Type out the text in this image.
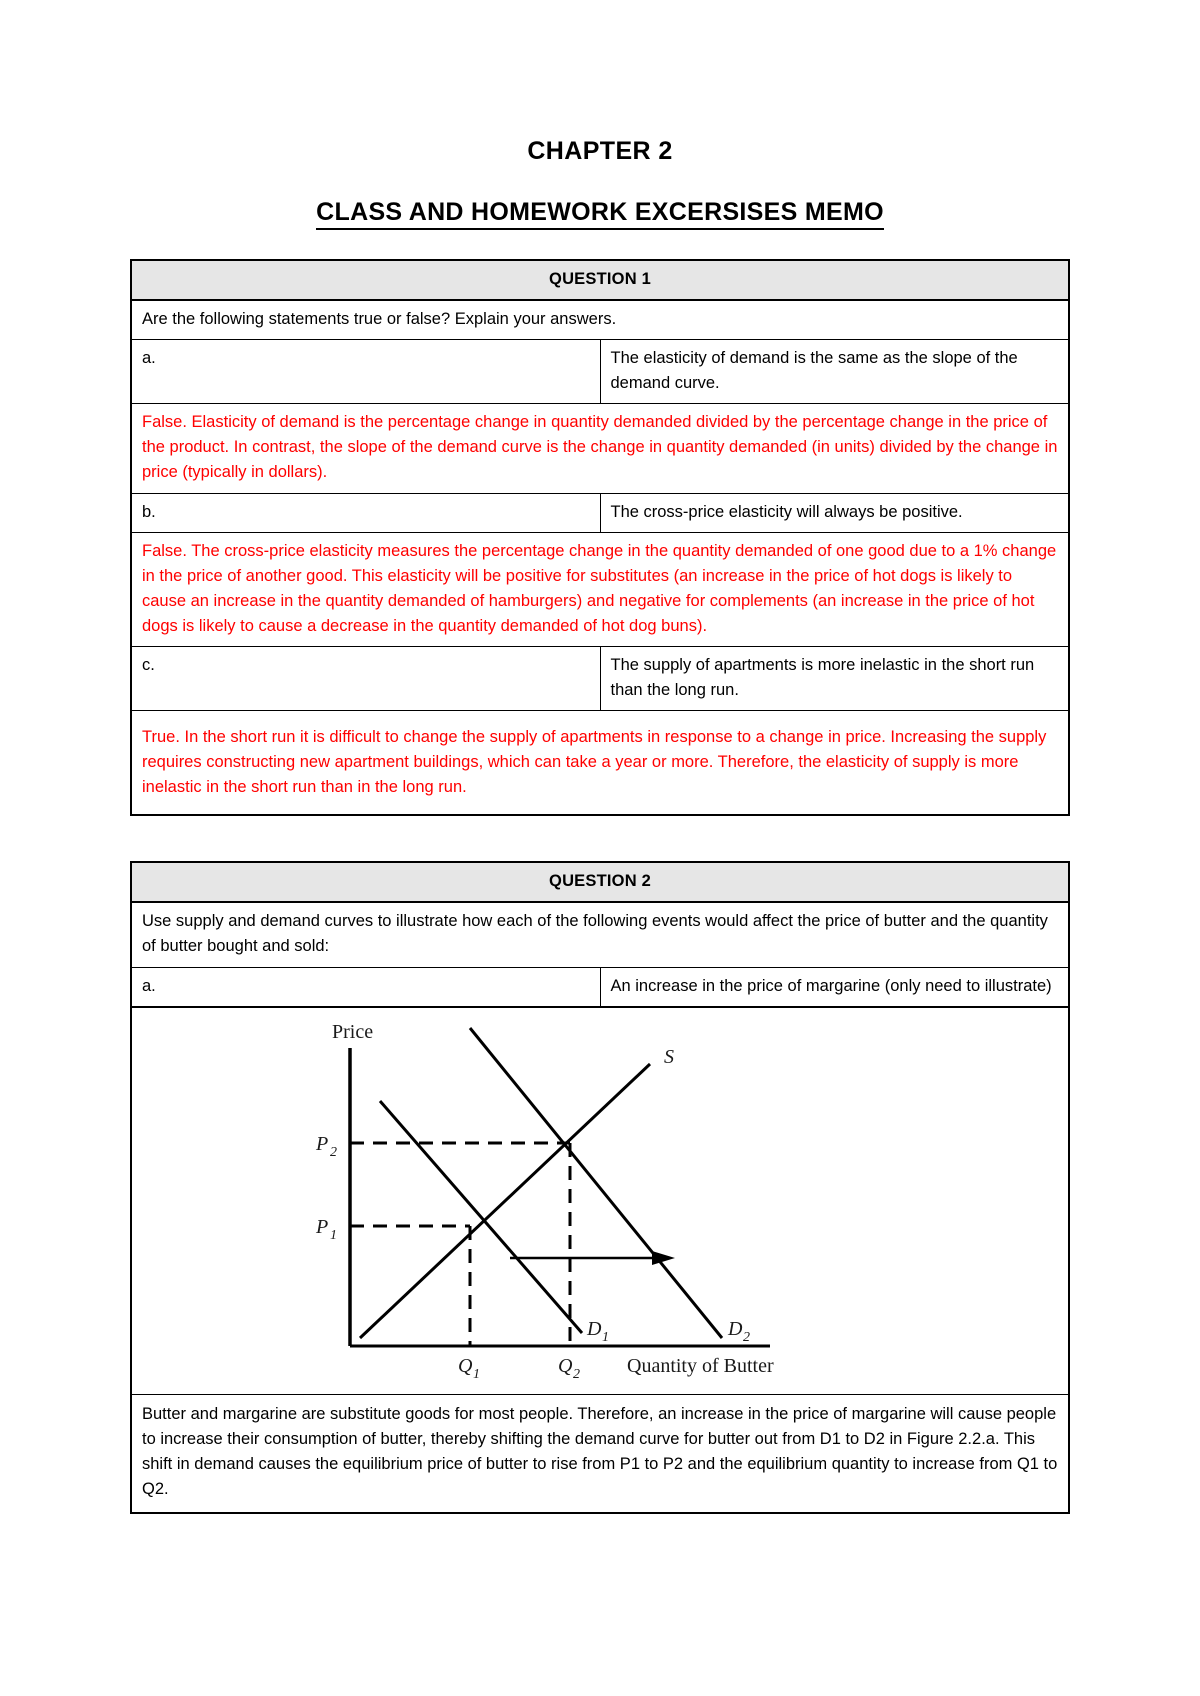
CHAPTER 2
CLASS AND HOMEWORK EXCERSISES MEMO
QUESTION 1	
Are the following statements true or false? Explain your answers.	
a.	The elasticity of demand is the same as the slope of the demand curve.
False. Elasticity of demand is the percentage change in quantity demanded divided by the percentage change in the price of the product. In contrast, the slope of the demand curve is the change in quantity demanded (in units) divided by the change in price (typically in dollars).	
b.	The cross-price elasticity will always be positive.
False. The cross-price elasticity measures the percentage change in the quantity demanded of one good due to a 1% change in the price of another good. This elasticity will be positive for substitutes (an increase in the price of hot dogs is likely to cause an increase in the quantity demanded of hamburgers) and negative for complements (an increase in the price of hot dogs is likely to cause a decrease in the quantity demanded of hot dog buns).	
c.	The supply of apartments is more inelastic in the short run than the long run.
True. In the short run it is difficult to change the supply of apartments in response to a change in price. Increasing the supply requires constructing new apartment buildings, which can take a year or more. Therefore, the elasticity of supply is more inelastic in the short run than in the long run.	
QUESTION 2
Use supply and demand curves to illustrate how each of the following events would affect the price of butter and the quantity of butter bought and sold:
a.	An increase in the price of margarine (only need to illustrate)

Price
Quantity of Butter
S
D 1	D 2
P 2
P 1
Q 1	Q 2

Butter and margarine are substitute goods for most people. Therefore, an increase in the price of margarine will cause people to increase their consumption of butter, thereby shifting the demand curve for butter out from D1 to D2 in Figure 2.2.a. This shift in demand causes the equilibrium price of butter to rise from P1 to P2 and the equilibrium quantity to increase from Q1 to Q2.
